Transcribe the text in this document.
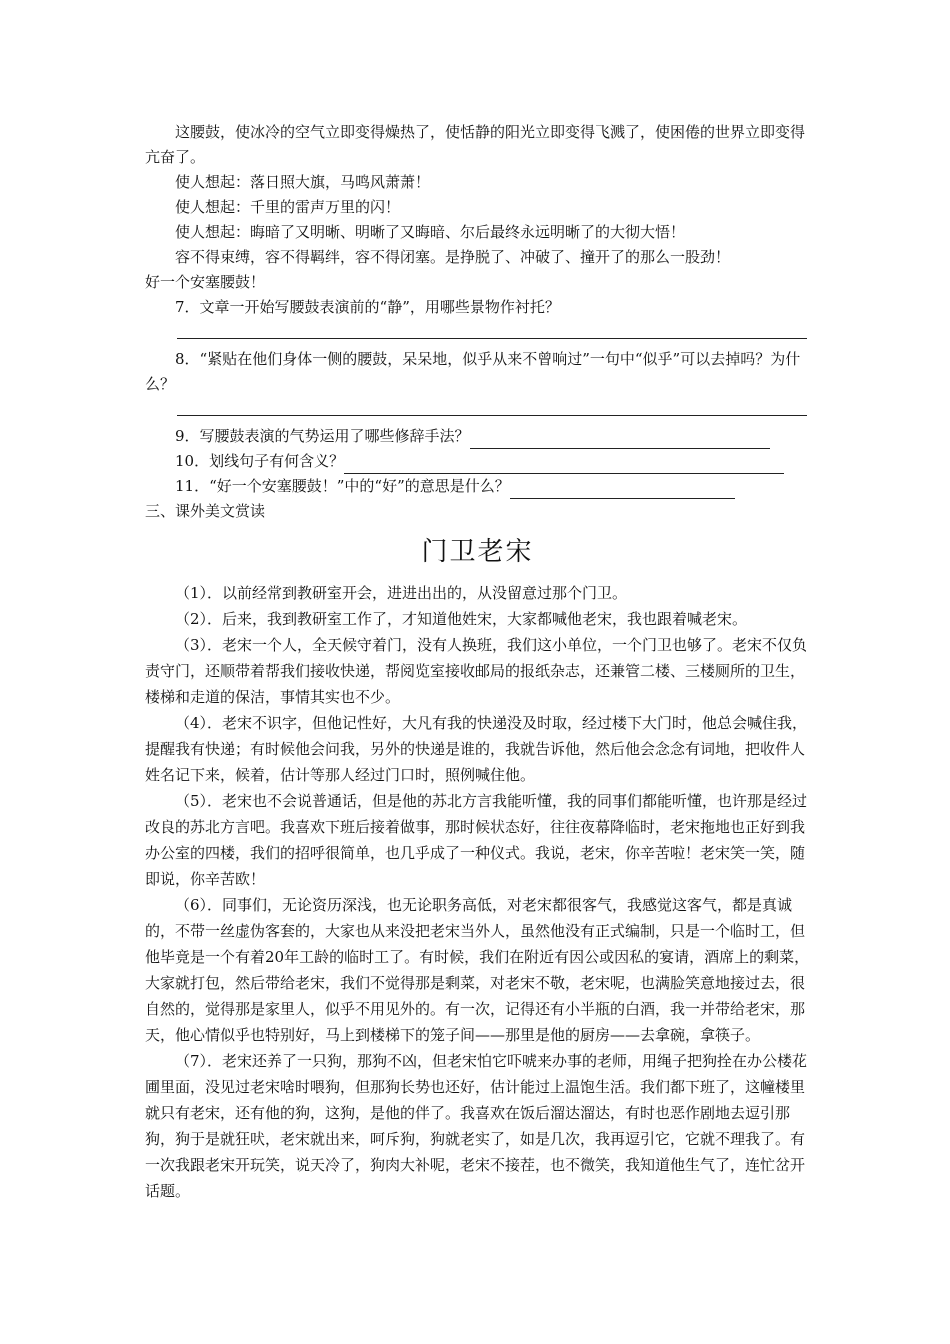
这腰鼓，使冰冷的空气立即变得燥热了，使恬静的阳光立即变得飞溅了，使困倦的世界立即变得亢奋了。

使人想起：落日照大旗，马鸣风萧萧！

使人想起：千里的雷声万里的闪！

使人想起：晦暗了又明晰、明晰了又晦暗、尔后最终永远明晰了的大彻大悟！

容不得束缚，容不得羁绊，容不得闭塞。是挣脱了、冲破了、撞开了的那么一股劲！

好一个安塞腰鼓！

7．文章一开始写腰鼓表演前的“静”，用哪些景物作衬托？

8．“紧贴在他们身体一侧的腰鼓，呆呆地，似乎从来不曾响过”一句中“似乎”可以去掉吗？为什么？

9．写腰鼓表演的气势运用了哪些修辞手法？
10．划线句子有何含义？
11．“好一个安塞腰鼓！”中的“好”的意思是什么？

三、课外美文赏读

门卫老宋

（1）．以前经常到教研室开会，进进出出的，从没留意过那个门卫。

（2）．后来，我到教研室工作了，才知道他姓宋，大家都喊他老宋，我也跟着喊老宋。

（3）．老宋一个人，全天候守着门，没有人换班，我们这小单位，一个门卫也够了。老宋不仅负责守门，还顺带着帮我们接收快递，帮阅览室接收邮局的报纸杂志，还兼管二楼、三楼厕所的卫生，楼梯和走道的保洁，事情其实也不少。

（4）．老宋不识字，但他记性好，大凡有我的快递没及时取，经过楼下大门时，他总会喊住我，提醒我有快递；有时候他会问我，另外的快递是谁的，我就告诉他，然后他会念念有词地，把收件人姓名记下来，候着，估计等那人经过门口时，照例喊住他。

（5）．老宋也不会说普通话，但是他的苏北方言我能听懂，我的同事们都能听懂，也许那是经过改良的苏北方言吧。我喜欢下班后接着做事，那时候状态好，往往夜幕降临时，老宋拖地也正好到我办公室的四楼，我们的招呼很简单，也几乎成了一种仪式。我说，老宋，你辛苦啦！老宋笑一笑，随即说，你辛苦欧！

（6）．同事们，无论资历深浅，也无论职务高低，对老宋都很客气，我感觉这客气，都是真诚的，不带一丝虚伪客套的，大家也从来没把老宋当外人，虽然他没有正式编制，只是一个临时工，但他毕竟是一个有着20年工龄的临时工了。有时候，我们在附近有因公或因私的宴请，酒席上的剩菜，大家就打包，然后带给老宋，我们不觉得那是剩菜，对老宋不敬，老宋呢，也满脸笑意地接过去，很自然的，觉得那是家里人，似乎不用见外的。有一次，记得还有小半瓶的白酒，我一并带给老宋，那天，他心情似乎也特别好，马上到楼梯下的笼子间——那里是他的厨房——去拿碗，拿筷子。

（7）．老宋还养了一只狗，那狗不凶，但老宋怕它吓唬来办事的老师，用绳子把狗拴在办公楼花圃里面，没见过老宋啥时喂狗，但那狗长势也还好，估计能过上温饱生活。我们都下班了，这幢楼里就只有老宋，还有他的狗，这狗，是他的伴了。我喜欢在饭后溜达溜达，有时也恶作剧地去逗引那狗，狗于是就狂吠，老宋就出来，呵斥狗，狗就老实了，如是几次，我再逗引它，它就不理我了。有一次我跟老宋开玩笑，说天冷了，狗肉大补呢，老宋不接茬，也不微笑，我知道他生气了，连忙岔开话题。
